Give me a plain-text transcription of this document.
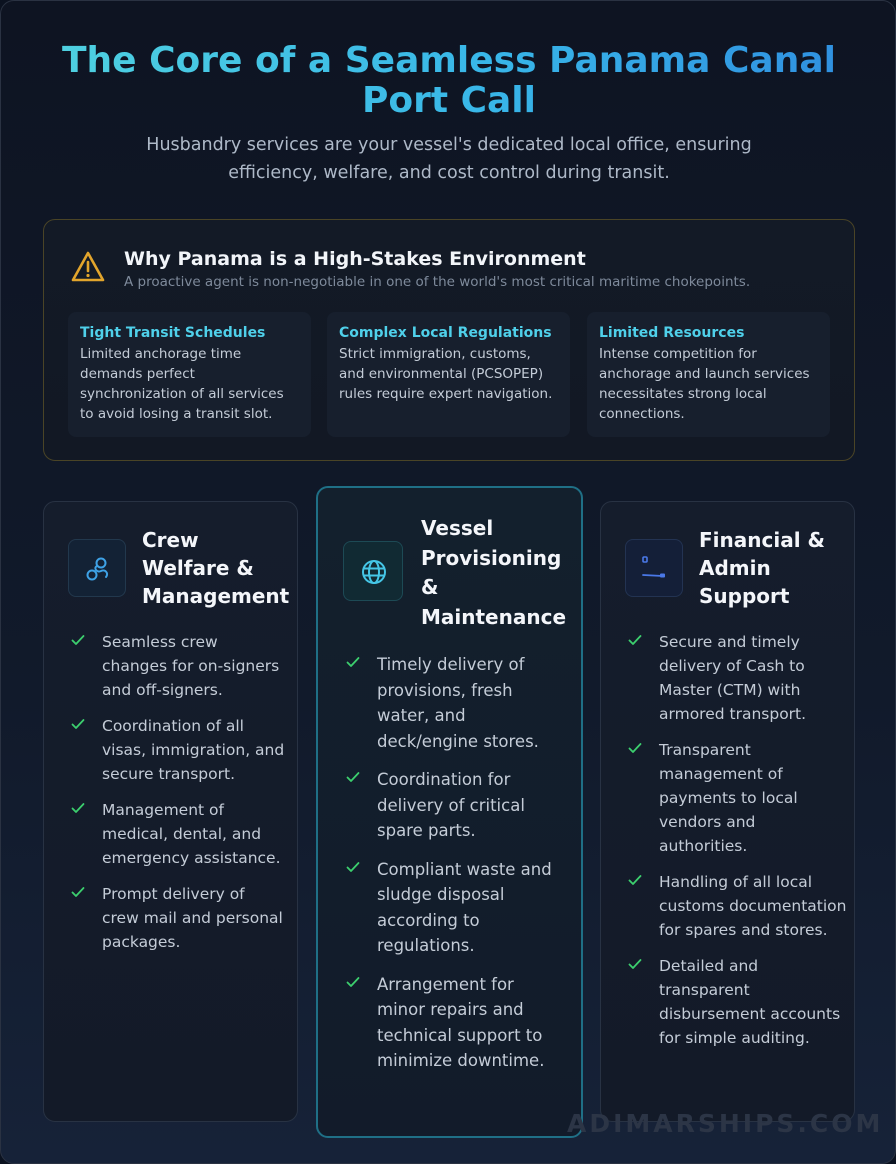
The Core of a Seamless Panama Canal Port Call

Husbandry services are your vessel's dedicated local office, ensuring efficiency, welfare, and cost control during transit.

Why Panama is a High-Stakes Environment

A proactive agent is non-negotiable in one of the world's most critical maritime chokepoints.

Tight Transit Schedules
Limited anchorage time demands perfect synchronization of all services to avoid losing a transit slot.
Complex Local Regulations
Strict immigration, customs, and environmental (PCSOPEP) rules require expert navigation.
Limited Resources
Intense competition for anchorage and launch services necessitates strong local connections.
Crew Welfare & Management
Seamless crew changes for on-signers and off-signers.
Coordination of all visas, immigration, and secure transport.
Management of medical, dental, and emergency assistance.
Prompt delivery of crew mail and personal packages.
Vessel Provisioning & Maintenance
Timely delivery of provisions, fresh water, and deck/engine stores.
Coordination for delivery of critical spare parts.
Compliant waste and sludge disposal according to regulations.
Arrangement for minor repairs and technical support to minimize downtime.
Financial & Admin Support
Secure and timely delivery of Cash to Master (CTM) with armored transport.
Transparent management of payments to local vendors and authorities.
Handling of all local customs documentation for spares and stores.
Detailed and transparent disbursement accounts for simple auditing.
ADIMARSHIPS.COM
